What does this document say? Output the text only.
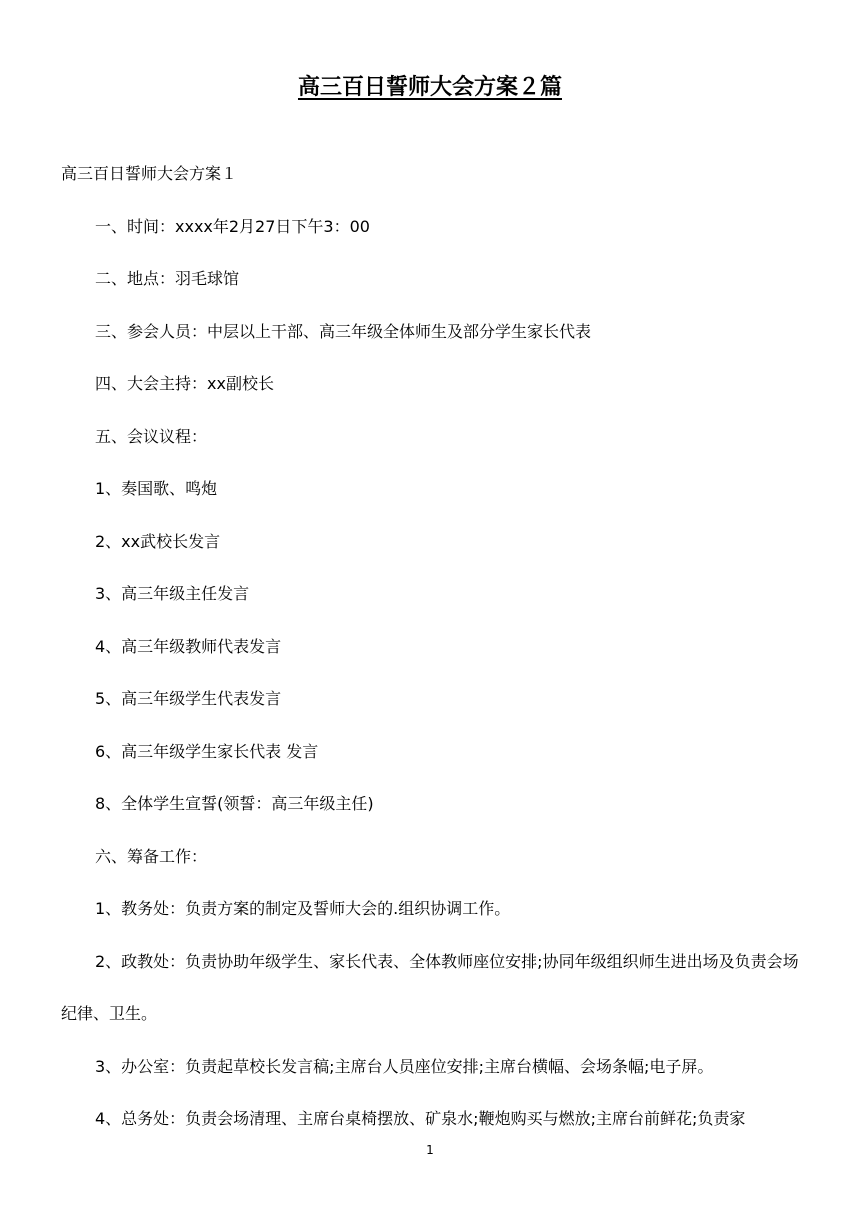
高三百日誓师大会方案２篇

高三百日誓师大会方案１

一、时间：xxxx年2月27日下午3：00

二、地点：羽毛球馆

三、参会人员：中层以上干部、高三年级全体师生及部分学生家长代表

四、大会主持：xx副校长

五、会议议程：

1、奏国歌、鸣炮

2、xx武校长发言

3、高三年级主任发言

4、高三年级教师代表发言

5、高三年级学生代表发言

6、高三年级学生家长代表 发言

8、全体学生宣誓(领誓：高三年级主任)

六、筹备工作：

1、教务处：负责方案的制定及誓师大会的.组织协调工作。

2、政教处：负责协助年级学生、家长代表、全体教师座位安排;协同年级组织师生进出场及负责会场纪律、卫生。

3、办公室：负责起草校长发言稿;主席台人员座位安排;主席台横幅、会场条幅;电子屏。

4、总务处：负责会场清理、主席台桌椅摆放、矿泉水;鞭炮购买与燃放;主席台前鲜花;负责家

1
